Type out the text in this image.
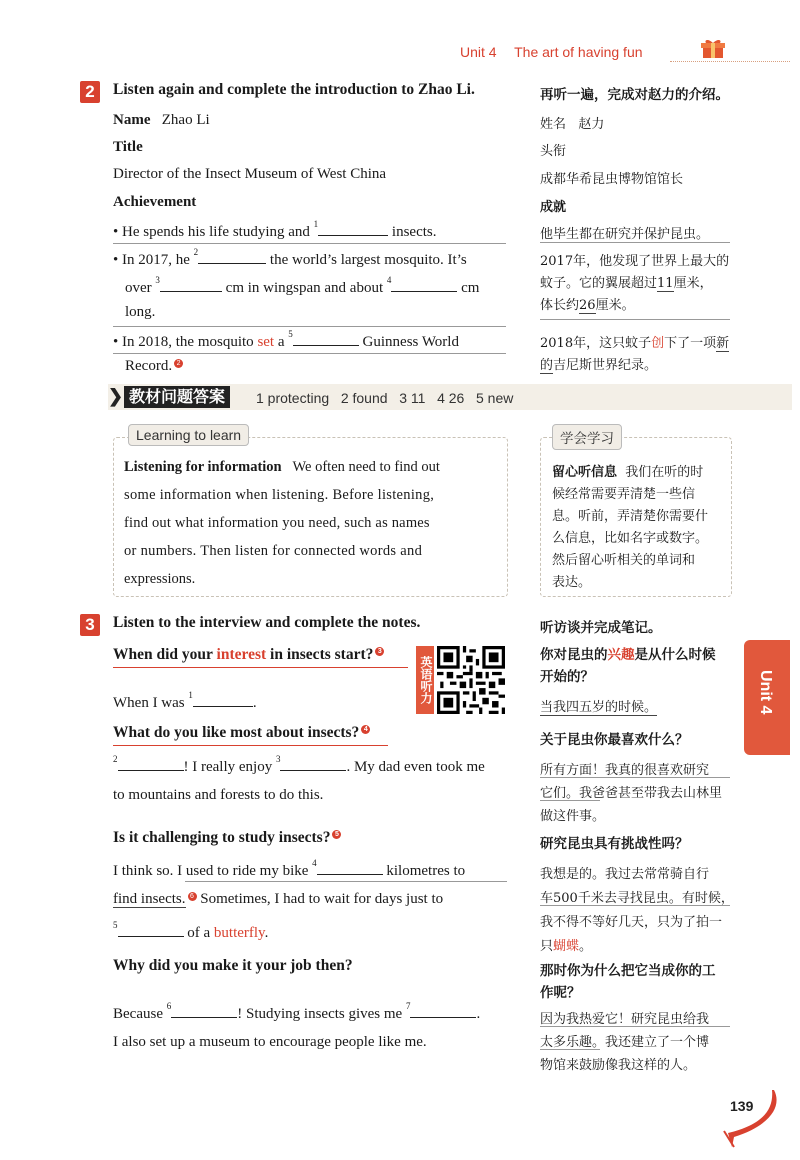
Unit 4 The art of having fun
2	Listen again and complete the introduction to Zhao Li.	再听一遍，完成对赵力的介绍。
Name Zhao Li	姓名 赵力
Title	头衔
Director of the Insect Museum of West China	成都华希昆虫博物馆馆长
Achievement	成就
• He spends his life studying and $^1$	insects.	他毕生都在研究并保护昆虫。
• In 2017, he $^2$	the world’s largest mosquito. It’s
over $^3$	cm in wingspan and about $^4$	cm
long.
2017年，他发现了世界上最大的
蚊子。它的翼展超过11厘米，
体长约26厘米。
• In 2018, the mosquito set a $^5$	Guinness World
Record. 2
2018年，这只蚊子创下了一项新
的吉尼斯世界纪录。
❯ 教材问题答案	1 protecting   2 found   3 11   4 26   5 new
Learning to learn
Listening for information We often need to find out
some information when listening. Before listening,
find out what information you need, such as names
or numbers. Then listen for connected words and
expressions.
学会学习
留心听信息 我们在听的时
候经常需要弄清楚一些信
息。听前，弄清楚你需要什
么信息，比如名字或数字。
然后留心听相关的单词和
表达。
3	Listen to the interview and complete the notes.	听访谈并完成笔记。
When did your interest in insects start? 3
英语听力
你对昆虫的兴趣是从什么时候
开始的？
When I was $^1$	.	当我四五岁的时候。
What do you like most about insects? 4
关于昆虫你最喜欢什么？
$^2$	! I really enjoy $^3$	. My dad even took me
to mountains and forests to do this.
所有方面！我真的很喜欢研究
它们。我爸爸甚至带我去山林里
做这件事。
Is it challenging to study insects? 5
研究昆虫具有挑战性吗？
I think so. I used to ride my bike $^4$	kilometres to
find insects. 6 Sometimes, I had to wait for days just to
$^5$	of a butterfly.
我想是的。我过去常常骑自行
车500千米去寻找昆虫。有时候，
我不得不等好几天，只为了拍一
只蝴蝶。
Why did you make it your job then?	那时你为什么把它当成你的工
作呢？
Because $^6$	! Studying insects gives me $^7$	.
I also set up a museum to encourage people like me.
因为我热爱它！研究昆虫给我
太多乐趣。我还建立了一个博
物馆来鼓励像我这样的人。
Unit 4
139
